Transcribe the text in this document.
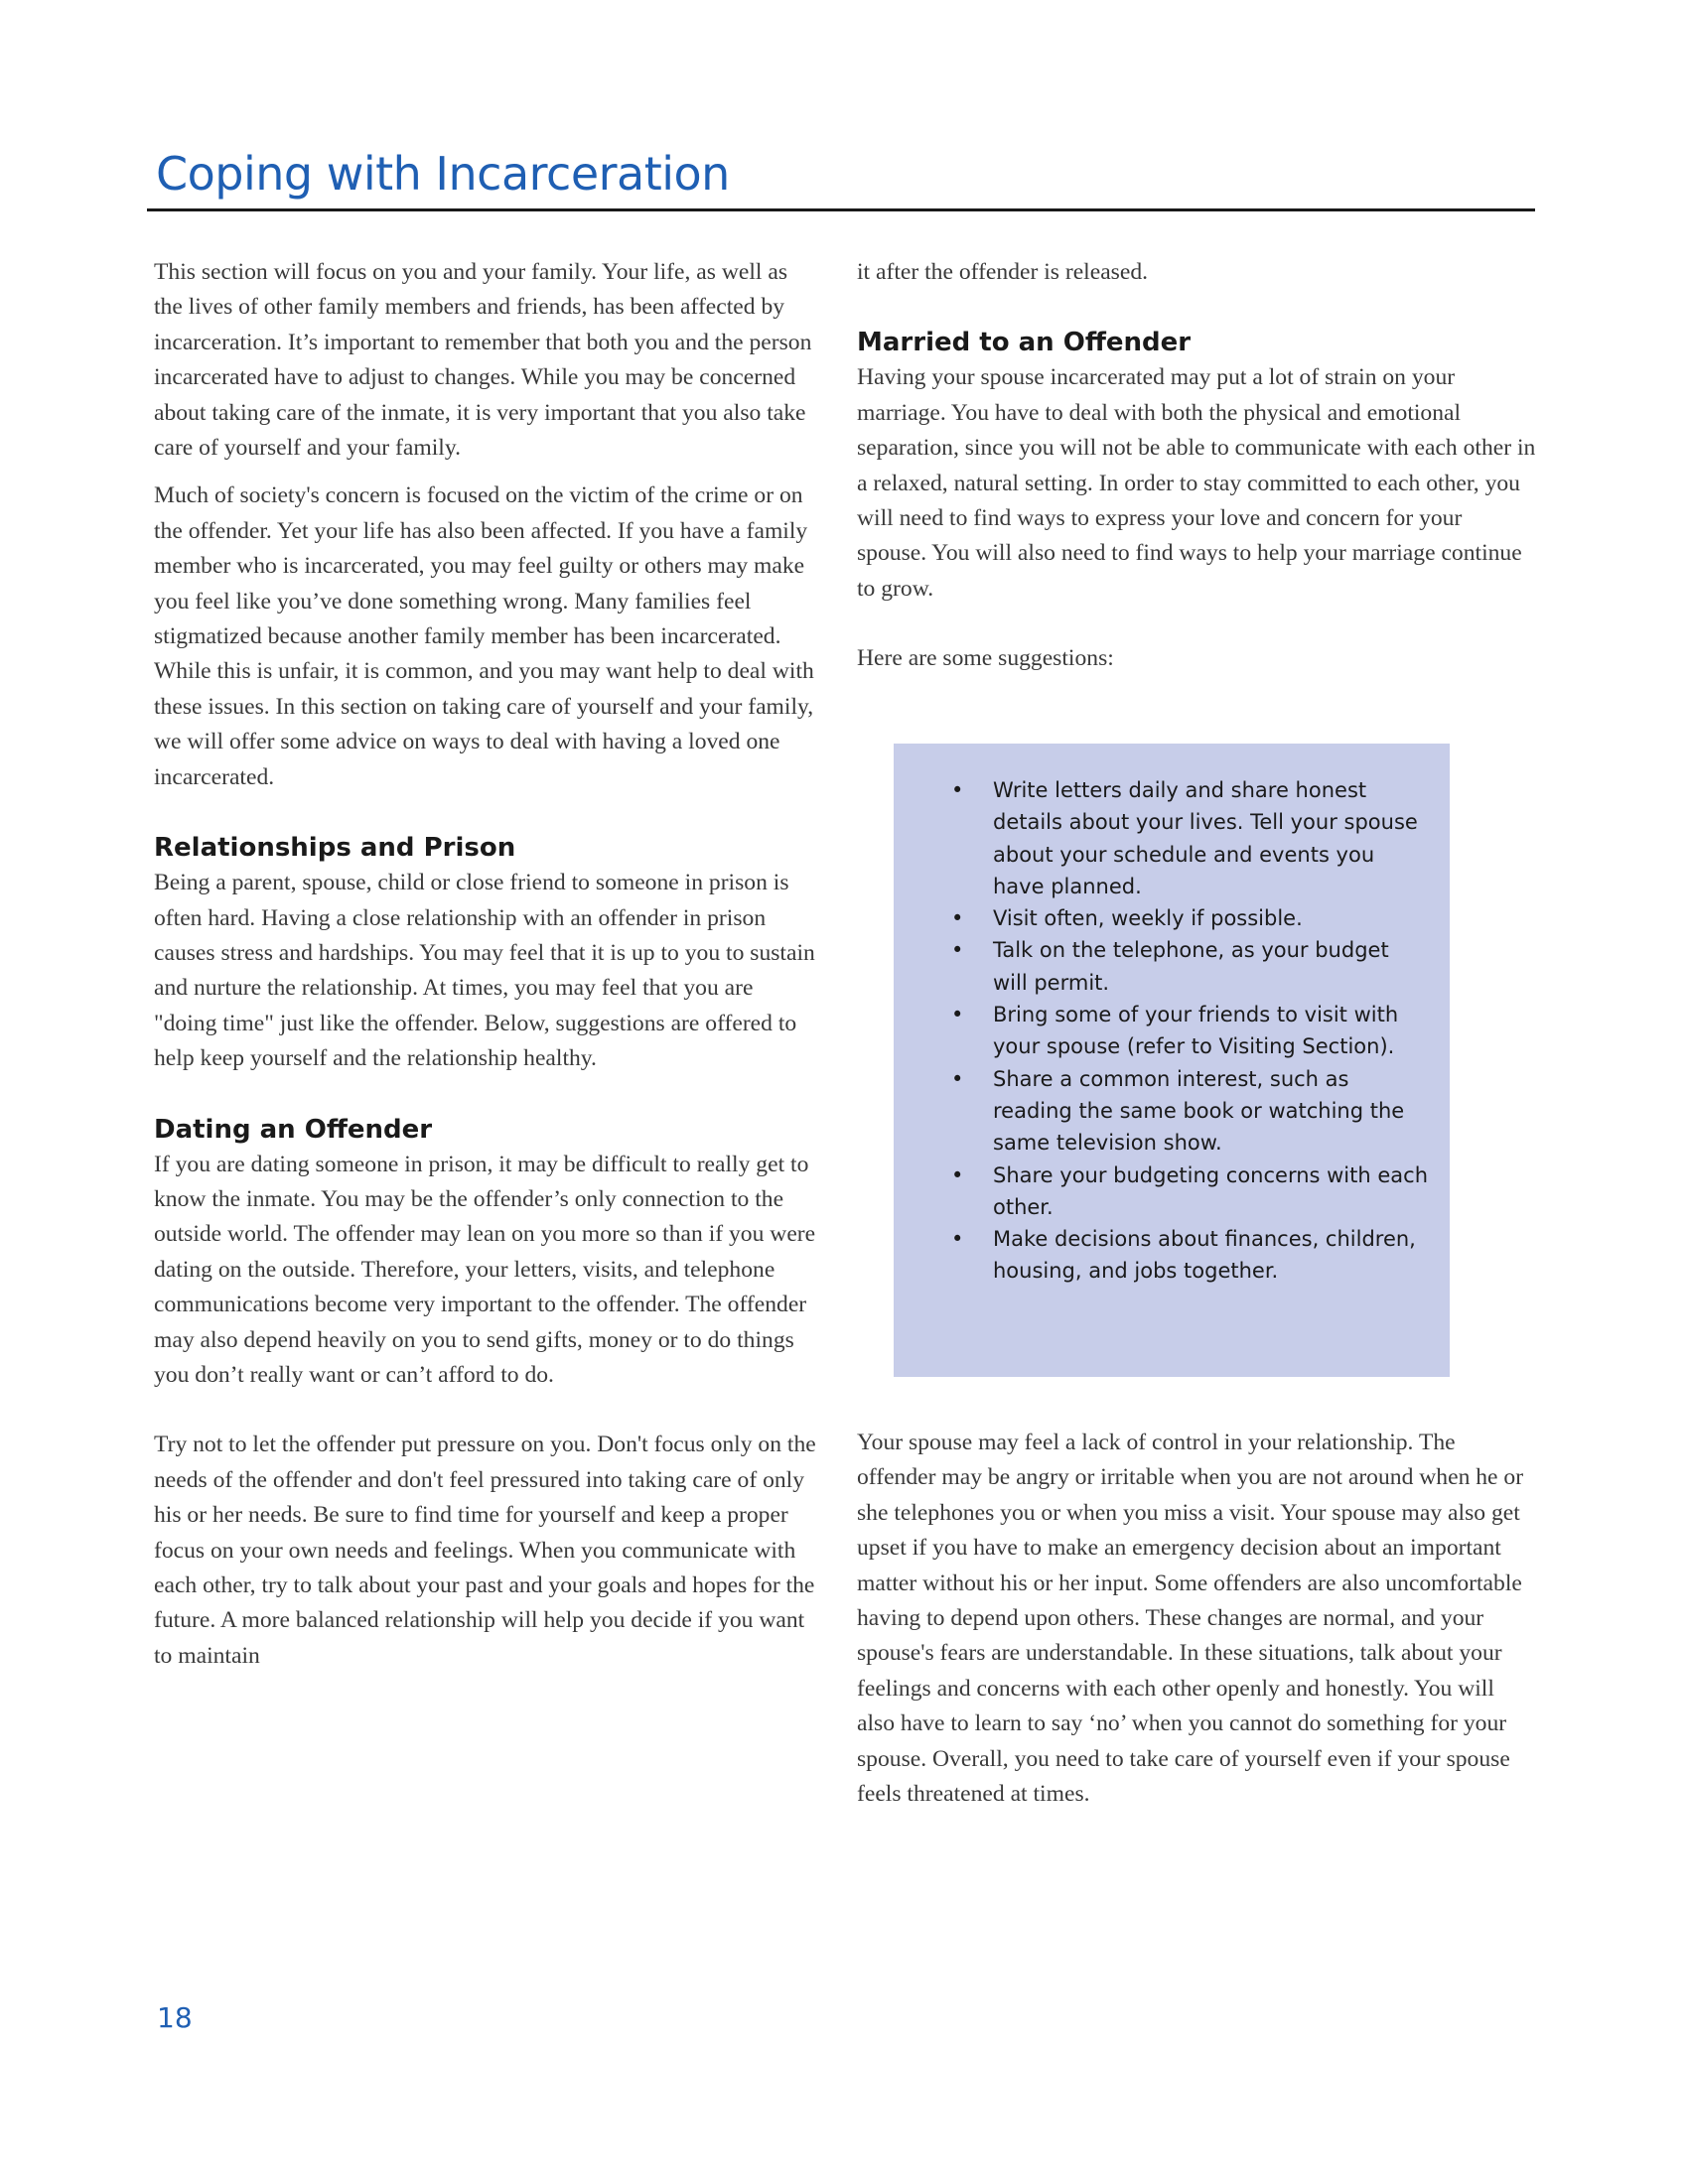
Coping with Incarceration

This section will focus on you and your family. Your life, as well as the lives of other family members and friends, has been affected by incarceration. It’s important to remember that both you and the person incarcerated have to adjust to changes. While you may be concerned about taking care of the inmate, it is very important that you also take care of yourself and your family.

Much of society's concern is focused on the victim of the crime or on the offender. Yet your life has also been affected. If you have a family member who is incarcerated, you may feel guilty or others may make you feel like you’ve done something wrong. Many families feel stigmatized because another family member has been incarcerated. While this is unfair, it is common, and you may want help to deal with these issues. In this section on taking care of yourself and your family, we will offer some advice on ways to deal with having a loved one incarcerated.

Relationships and Prison

Being a parent, spouse, child or close friend to someone in prison is often hard. Having a close relationship with an offender in prison causes stress and hardships. You may feel that it is up to you to sustain and nurture the relationship. At times, you may feel that you are "doing time" just like the offender. Below, suggestions are offered to help keep yourself and the relationship healthy.

Dating an Offender

If you are dating someone in prison, it may be difficult to really get to know the inmate. You may be the offender’s only connection to the outside world. The offender may lean on you more so than if you were dating on the outside. Therefore, your letters, visits, and telephone communications become very important to the offender. The offender may also depend heavily on you to send gifts, money or to do things you don’t really want or can’t afford to do.

Try not to let the offender put pressure on you. Don't focus only on the needs of the offender and don't feel pressured into taking care of only his or her needs. Be sure to find time for yourself and keep a proper focus on your own needs and feelings. When you communicate with each other, try to talk about your past and your goals and hopes for the future. A more balanced relationship will help you decide if you want to maintain

it after the offender is released.

Married to an Offender

Having your spouse incarcerated may put a lot of strain on your marriage. You have to deal with both the physical and emotional separation, since you will not be able to communicate with each other in a relaxed, natural setting. In order to stay committed to each other, you will need to find ways to express your love and concern for your spouse. You will also need to find ways to help your marriage continue to grow.

Here are some suggestions:

• Write letters daily and share honest details about your lives. Tell your spouse about your schedule and events you have planned.
• Visit often, weekly if possible.
• Talk on the telephone, as your budget will permit.
• Bring some of your friends to visit with your spouse (refer to Visiting Section).
• Share a common interest, such as reading the same book or watching the same television show.
• Share your budgeting concerns with each other.
• Make decisions about finances, children, housing, and jobs together.

Your spouse may feel a lack of control in your relationship. The offender may be angry or irritable when you are not around when he or she telephones you or when you miss a visit. Your spouse may also get upset if you have to make an emergency decision about an important matter without his or her input. Some offenders are also uncomfortable having to depend upon others. These changes are normal, and your spouse's fears are understandable. In these situations, talk about your feelings and concerns with each other openly and honestly. You will also have to learn to say ‘no’ when you cannot do something for your spouse. Overall, you need to take care of yourself even if your spouse feels threatened at times.

18
